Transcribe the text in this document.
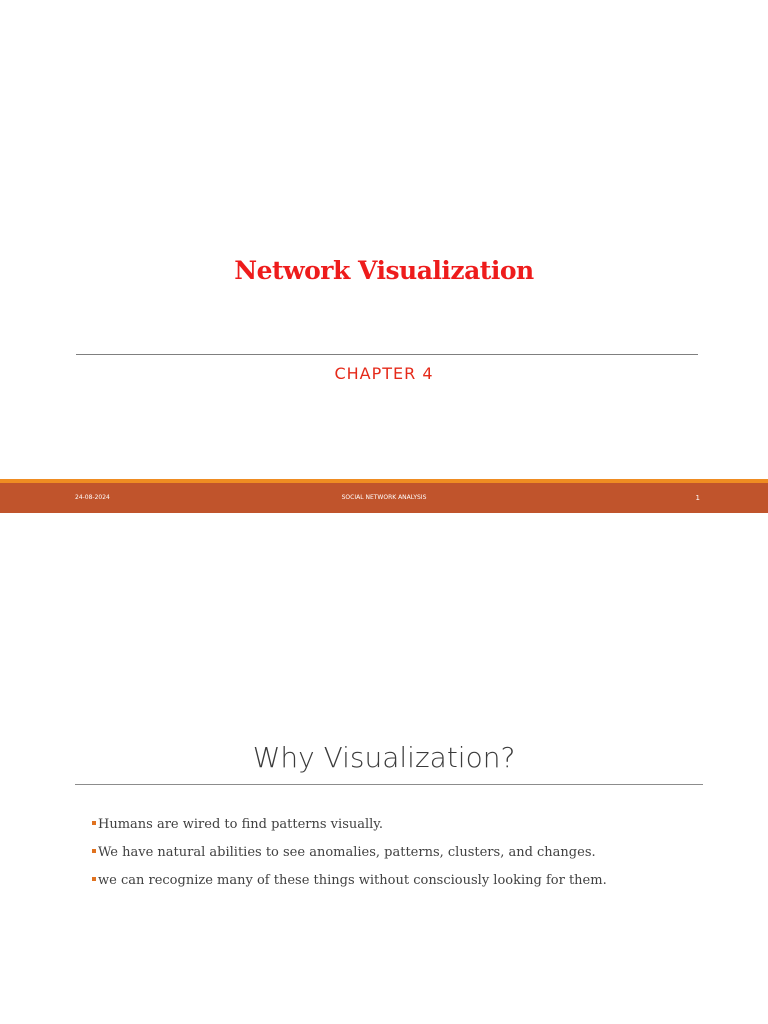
Network Visualization
CHAPTER 4
24-08-2024	SOCIAL NETWORK ANALYSIS	1
Why Visualization?
Humans are wired to find patterns visually.
We have natural abilities to see anomalies, patterns, clusters, and changes.
we can recognize many of these things without consciously looking for them.
